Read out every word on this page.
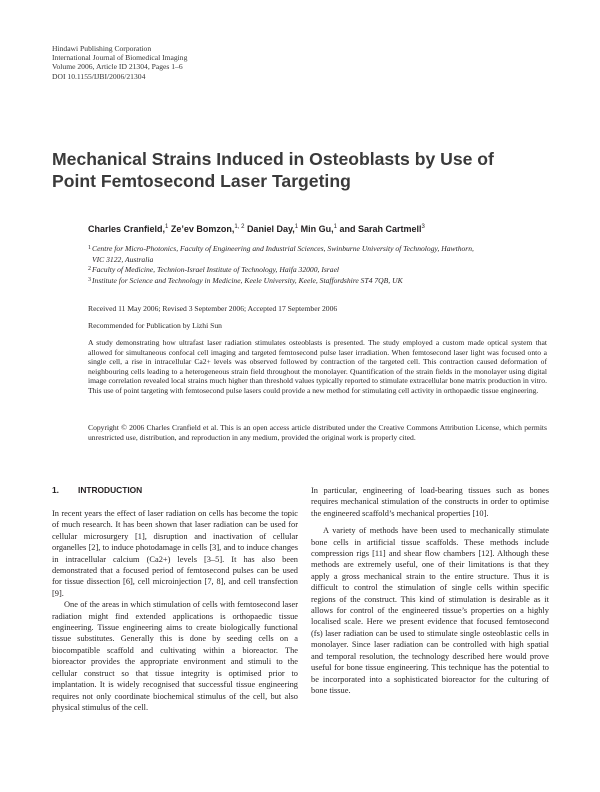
Hindawi Publishing Corporation
International Journal of Biomedical Imaging
Volume 2006, Article ID 21304, Pages 1–6
DOI 10.1155/IJBI/2006/21304
Mechanical Strains Induced in Osteoblasts by Use of
Point Femtosecond Laser Targeting
Charles Cranfield,$^1$ Ze’ev Bomzon,$^{1, 2}$ Daniel Day,$^1$ Min Gu,$^1$ and Sarah Cartmell$^3$
1 Centre for Micro-Photonics, Faculty of Engineering and Industrial Sciences, Swinburne University of Technology, Hawthorn, VIC 3122, Australia
2 Faculty of Medicine, Technion-Israel Institute of Technology, Haifa 32000, Israel
3 Institute for Science and Technology in Medicine, Keele University, Keele, Staffordshire ST4 7QB, UK
Received 11 May 2006; Revised 3 September 2006; Accepted 17 September 2006
Recommended for Publication by Lizhi Sun
A study demonstrating how ultrafast laser radiation stimulates osteoblasts is presented. The study employed a custom made optical system that allowed for simultaneous confocal cell imaging and targeted femtosecond pulse laser irradiation. When femtosecond laser light was focused onto a single cell, a rise in intracellular Ca2+ levels was observed followed by contraction of the targeted cell. This contraction caused deformation of neighbouring cells leading to a heterogeneous strain field throughout the monolayer. Quantification of the strain fields in the monolayer using digital image correlation revealed local strains much higher than threshold values typically reported to stimulate extracellular bone matrix production in vitro. This use of point targeting with femtosecond pulse lasers could provide a new method for stimulating cell activity in orthopaedic tissue engineering.
Copyright © 2006 Charles Cranfield et al. This is an open access article distributed under the Creative Commons Attribution License, which permits unrestricted use, distribution, and reproduction in any medium, provided the original work is properly cited.
1. INTRODUCTION

In recent years the effect of laser radiation on cells has become the topic of much research. It has been shown that laser radiation can be used for cellular microsurgery [1], disruption and inactivation of cellular organelles [2], to induce photodamage in cells [3], and to induce changes in intracellular calcium (Ca2+) levels [3–5]. It has also been demonstrated that a focused period of femtosecond pulses can be used for tissue dissection [6], cell microinjection [7, 8], and cell transfection [9].

One of the areas in which stimulation of cells with femtosecond laser radiation might find extended applications is orthopaedic tissue engineering. Tissue engineering aims to create biologically functional tissue substitutes. Generally this is done by seeding cells on a biocompatible scaffold and cultivating within a bioreactor. The bioreactor provides the appropriate environment and stimuli to the cellular construct so that tissue integrity is optimised prior to implantation. It is widely recognised that successful tissue engineering requires not only coordinate biochemical stimulus of the cell, but also physical stimulus of the cell.

In particular, engineering of load-bearing tissues such as bones requires mechanical stimulation of the constructs in order to optimise the engineered scaffold’s mechanical properties [10].

A variety of methods have been used to mechanically stimulate bone cells in artificial tissue scaffolds. These methods include compression rigs [11] and shear flow chambers [12]. Although these methods are extremely useful, one of their limitations is that they apply a gross mechanical strain to the entire structure. Thus it is difficult to control the stimulation of single cells within specific regions of the construct. This kind of stimulation is desirable as it allows for control of the engineered tissue’s properties on a highly localised scale. Here we present evidence that focused femtosecond (fs) laser radiation can be used to stimulate single osteoblastic cells in monolayer. Since laser radiation can be controlled with high spatial and temporal resolution, the technology described here would prove useful for bone tissue engineering. This technique has the potential to be incorporated into a sophisticated bioreactor for the culturing of bone tissue.
